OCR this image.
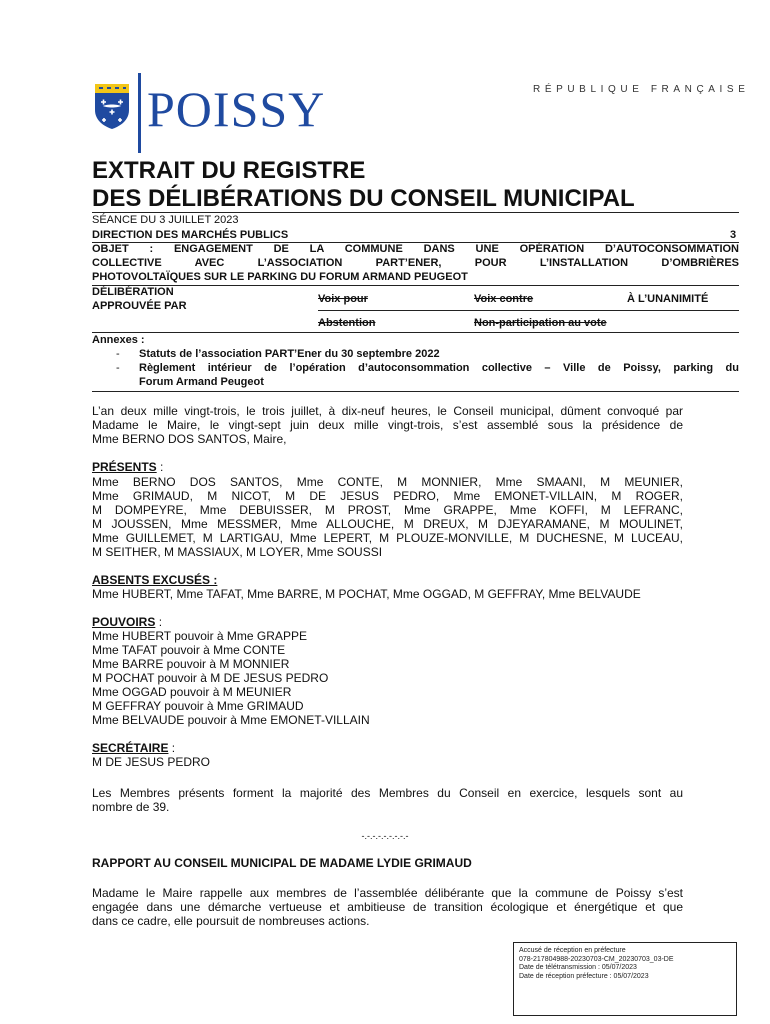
POISSY	RÉPUBLIQUE FRANÇAISE
EXTRAIT DU REGISTRE
DES DÉLIBÉRATIONS DU CONSEIL MUNICIPAL
SÉANCE DU 3 JUILLET 2023
DIRECTION DES MARCHÉS PUBLICS	3
OBJET : ENGAGEMENT DE LA COMMUNE DANS UNE OPÉRATION D’AUTOCONSOMMATION
COLLECTIVE AVEC L’ASSOCIATION PART’ENER, POUR L’INSTALLATION D’OMBRIÈRES
PHOTOVOLTAÏQUES SUR LE PARKING DU FORUM ARMAND PEUGEOT
DÉLIBÉRATION
APPROUVÉE PAR
Voix pour	Voix contre	À L’UNANIMITÉ
Abstention	Non-participation au vote
Annexes :
- Statuts de l’association PART’Ener du 30 septembre 2022
- Règlement intérieur de l’opération d’autoconsommation collective – Ville de Poissy, parking du
Forum Armand Peugeot
L’an deux mille vingt-trois, le trois juillet, à dix-neuf heures, le Conseil municipal, dûment convoqué par
Madame le Maire, le vingt-sept juin deux mille vingt-trois, s’est assemblé sous la présidence de
Mme BERNO DOS SANTOS, Maire,
PRÉSENTS :
Mme BERNO DOS SANTOS, Mme CONTE, M MONNIER, Mme SMAANI, M MEUNIER,
Mme GRIMAUD, M NICOT, M DE JESUS PEDRO, Mme EMONET-VILLAIN, M ROGER,
M DOMPEYRE, Mme DEBUISSER, M PROST, Mme GRAPPE, Mme KOFFI, M LEFRANC,
M JOUSSEN, Mme MESSMER, Mme ALLOUCHE, M DREUX, M DJEYARAMANE, M MOULINET,
Mme GUILLEMET, M LARTIGAU, Mme LEPERT, M PLOUZE-MONVILLE, M DUCHESNE, M LUCEAU,
M SEITHER, M MASSIAUX, M LOYER, Mme SOUSSI
ABSENTS EXCUSÉS :
Mme HUBERT, Mme TAFAT, Mme BARRE, M POCHAT, Mme OGGAD, M GEFFRAY, Mme BELVAUDE
POUVOIRS :
Mme HUBERT pouvoir à Mme GRAPPE
Mme TAFAT pouvoir à Mme CONTE
Mme BARRE pouvoir à M MONNIER
M POCHAT pouvoir à M DE JESUS PEDRO
Mme OGGAD pouvoir à M MEUNIER
M GEFFRAY pouvoir à Mme GRIMAUD
Mme BELVAUDE pouvoir à Mme EMONET-VILLAIN
SECRÉTAIRE :
M DE JESUS PEDRO
Les Membres présents forment la majorité des Membres du Conseil en exercice, lesquels sont au
nombre de 39.
-.-.-.-.-.-.-.-.-
RAPPORT AU CONSEIL MUNICIPAL DE MADAME LYDIE GRIMAUD
Madame le Maire rappelle aux membres de l’assemblée délibérante que la commune de Poissy s’est
engagée dans une démarche vertueuse et ambitieuse de transition écologique et énergétique et que
dans ce cadre, elle poursuit de nombreuses actions.
Accusé de réception en préfecture
078-217804988-20230703-CM_20230703_03-DE
Date de télétransmission : 05/07/2023
Date de réception préfecture : 05/07/2023
